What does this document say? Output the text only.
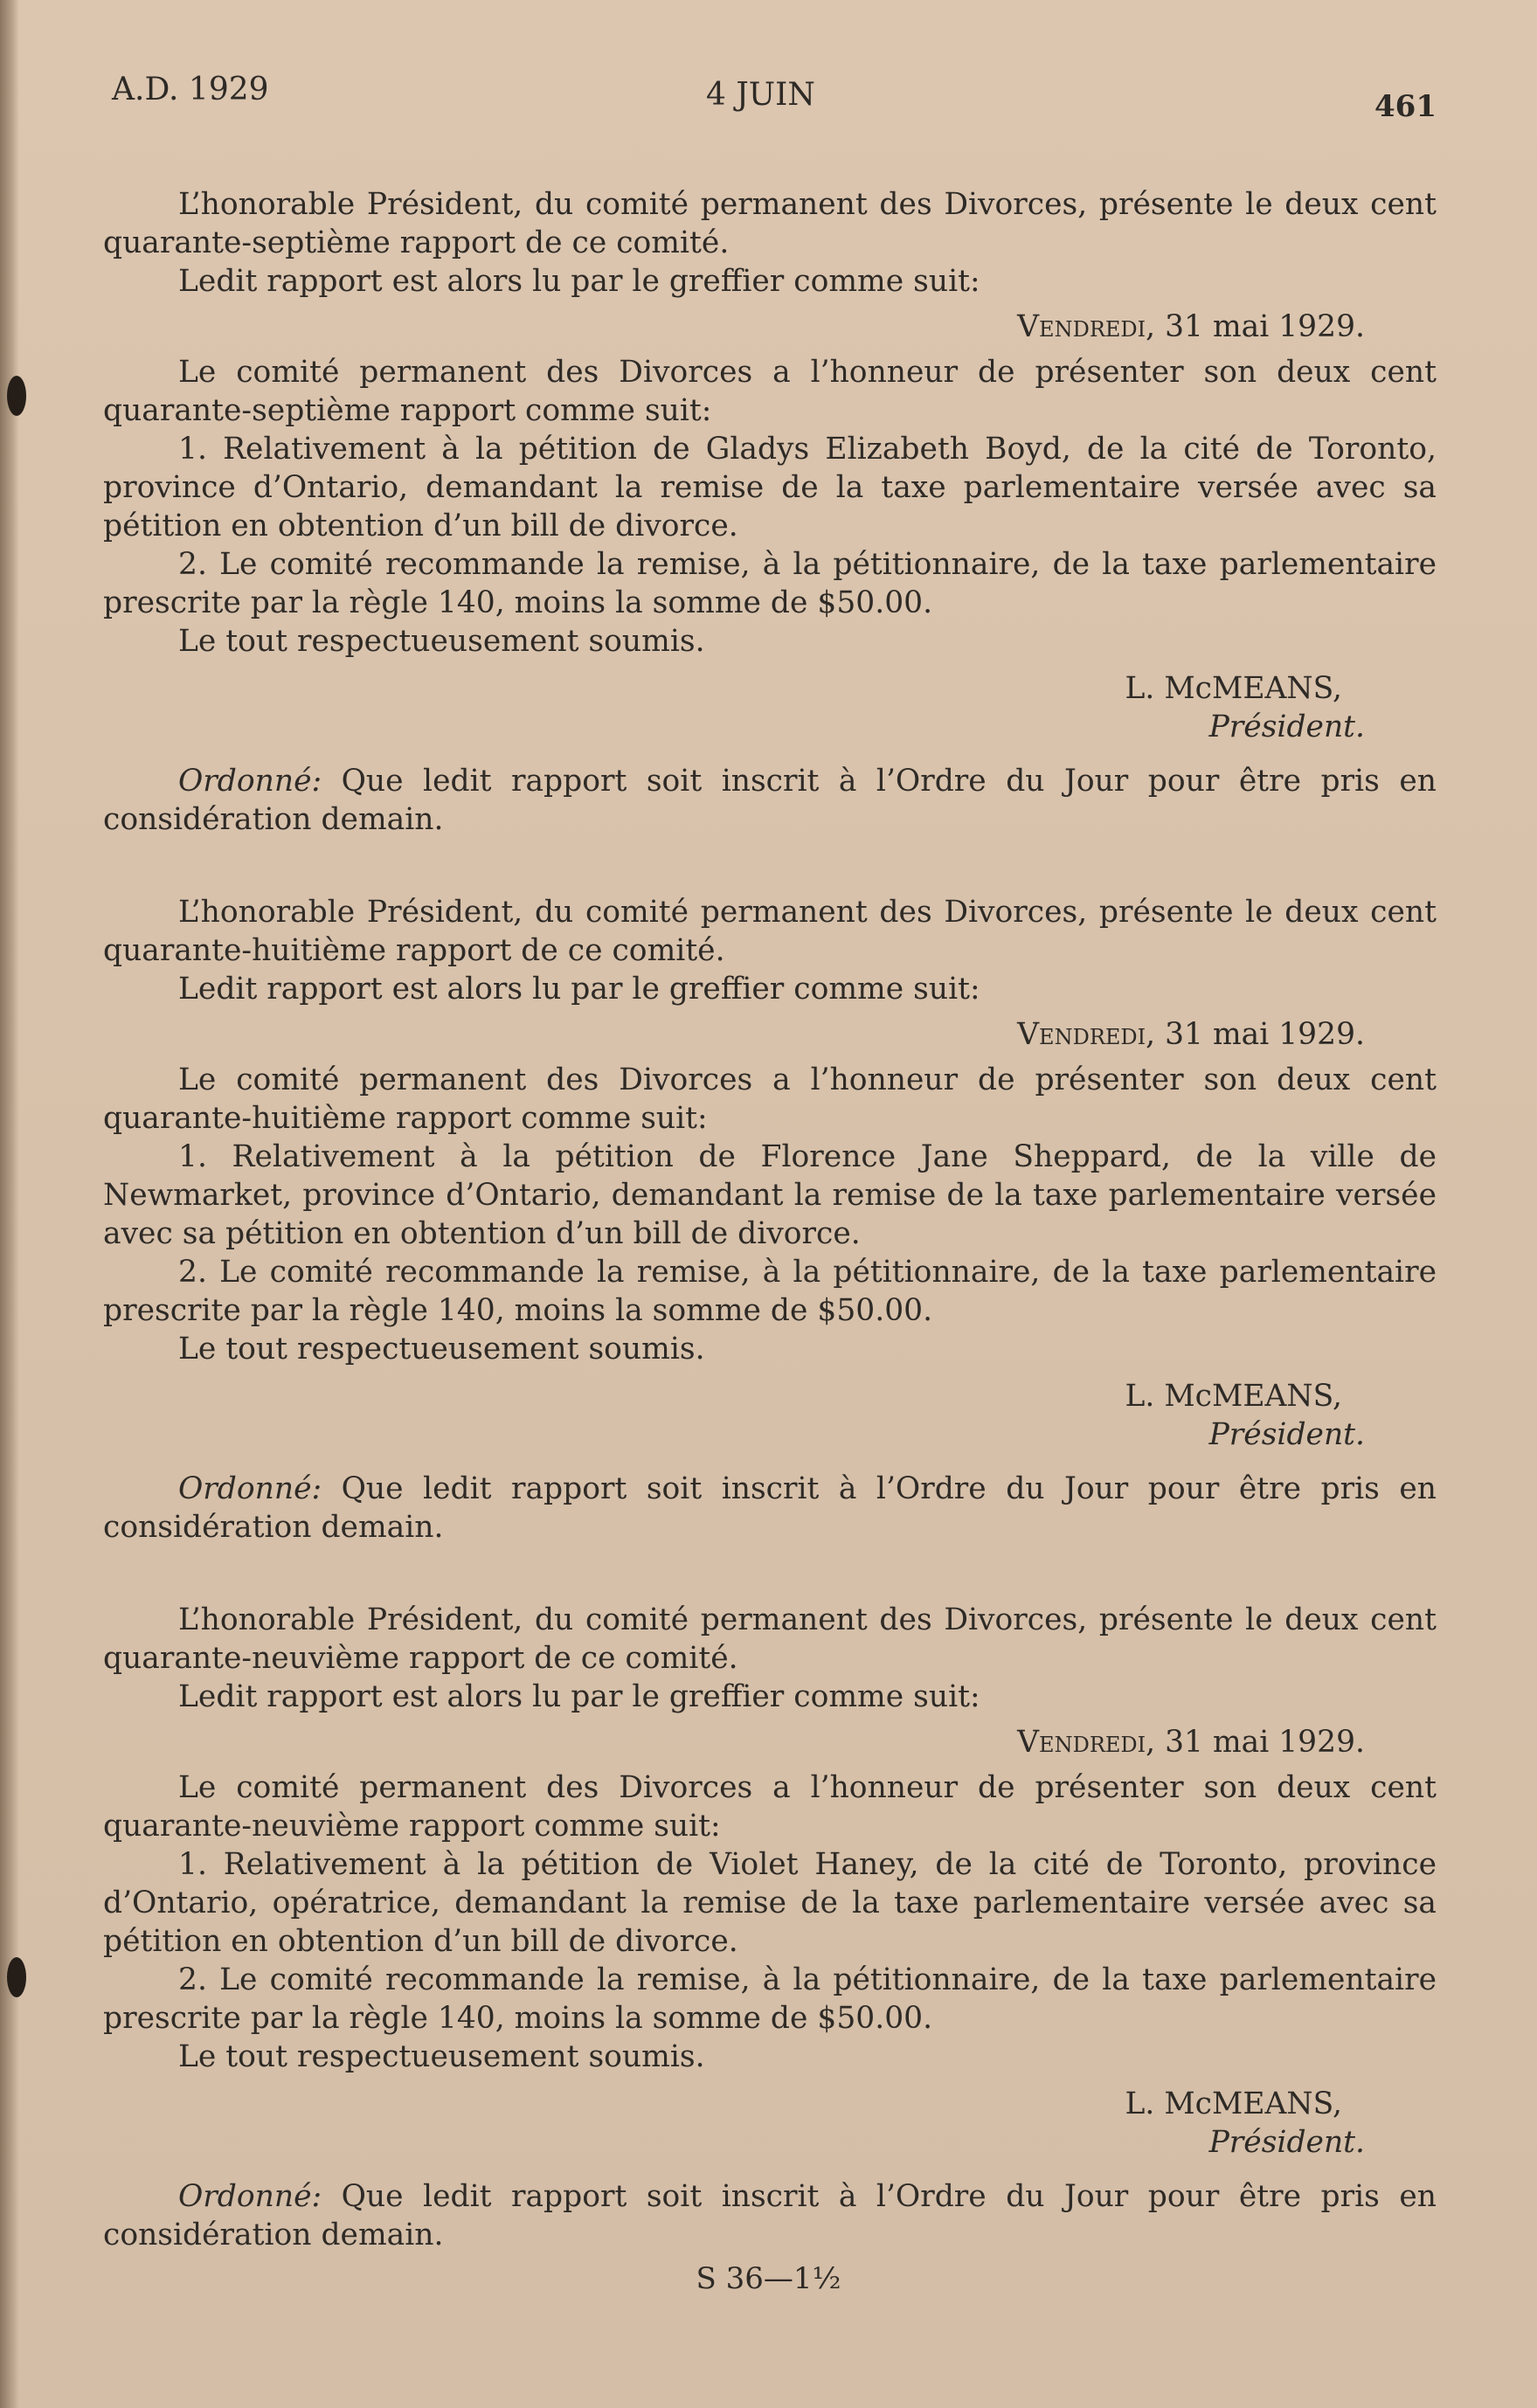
A.D. 1929	4 JUIN	461

L’honorable Président, du comité permanent des Divorces, présente le deux cent quarante-septième rapport de ce comité.

Ledit rapport est alors lu par le greffier comme suit:

Vendredi, 31 mai 1929.

Le comité permanent des Divorces a l’honneur de présenter son deux cent quarante-septième rapport comme suit:

1. Relativement à la pétition de Gladys Elizabeth Boyd, de la cité de Toronto, province d’Ontario, demandant la remise de la taxe parlementaire versée avec sa pétition en obtention d’un bill de divorce.

2. Le comité recommande la remise, à la pétitionnaire, de la taxe parlementaire prescrite par la règle 140, moins la somme de $50.00.

Le tout respectueusement soumis.

L. McMEANS,

Président.

Ordonné: Que ledit rapport soit inscrit à l’Ordre du Jour pour être pris en considération demain.

L’honorable Président, du comité permanent des Divorces, présente le deux cent quarante-huitième rapport de ce comité.

Ledit rapport est alors lu par le greffier comme suit:

Vendredi, 31 mai 1929.

Le comité permanent des Divorces a l’honneur de présenter son deux cent quarante-huitième rapport comme suit:

1. Relativement à la pétition de Florence Jane Sheppard, de la ville de Newmarket, province d’Ontario, demandant la remise de la taxe parlementaire versée avec sa pétition en obtention d’un bill de divorce.

2. Le comité recommande la remise, à la pétitionnaire, de la taxe parlementaire prescrite par la règle 140, moins la somme de $50.00.

Le tout respectueusement soumis.

L. McMEANS,

Président.

Ordonné: Que ledit rapport soit inscrit à l’Ordre du Jour pour être pris en considération demain.

L’honorable Président, du comité permanent des Divorces, présente le deux cent quarante-neuvième rapport de ce comité.

Ledit rapport est alors lu par le greffier comme suit:

Vendredi, 31 mai 1929.

Le comité permanent des Divorces a l’honneur de présenter son deux cent quarante-neuvième rapport comme suit:

1. Relativement à la pétition de Violet Haney, de la cité de Toronto, province d’Ontario, opératrice, demandant la remise de la taxe parlementaire versée avec sa pétition en obtention d’un bill de divorce.

2. Le comité recommande la remise, à la pétitionnaire, de la taxe parlementaire prescrite par la règle 140, moins la somme de $50.00.

Le tout respectueusement soumis.

L. McMEANS,

Président.

Ordonné: Que ledit rapport soit inscrit à l’Ordre du Jour pour être pris en considération demain.

S 36—1½
